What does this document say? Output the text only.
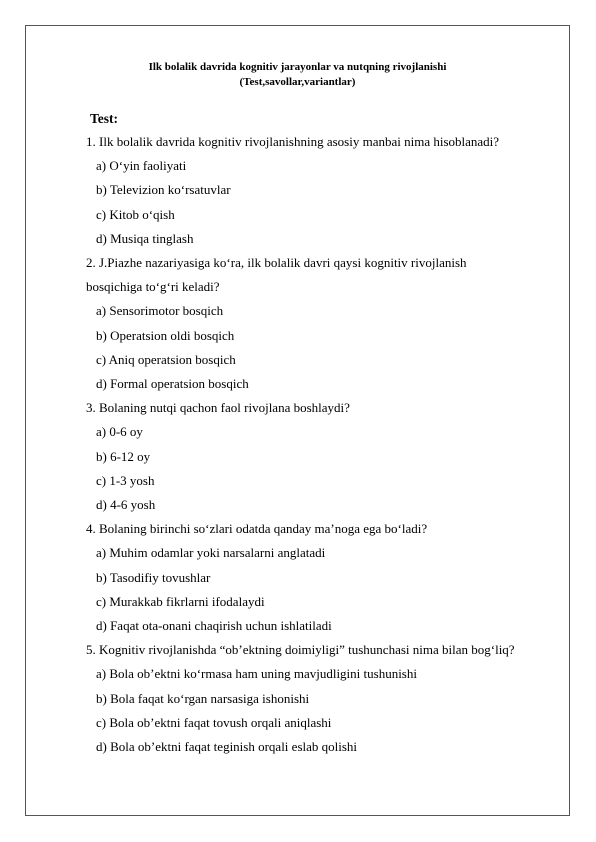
Ilk bolalik davrida kognitiv jarayonlar va nutqning rivojlanishi
(Test,savollar,variantlar)
Test:
1. Ilk bolalik davrida kognitiv rivojlanishning asosiy manbai nima hisoblanadi?
a) O‘yin faoliyati
b) Televizion ko‘rsatuvlar
c) Kitob o‘qish
d) Musiqa tinglash
2. J.Piazhe nazariyasiga ko‘ra, ilk bolalik davri qaysi kognitiv rivojlanish
bosqichiga to‘g‘ri keladi?
a) Sensorimotor bosqich
b) Operatsion oldi bosqich
c) Aniq operatsion bosqich
d) Formal operatsion bosqich
3. Bolaning nutqi qachon faol rivojlana boshlaydi?
a) 0-6 oy
b) 6-12 oy
c) 1-3 yosh
d) 4-6 yosh
4. Bolaning birinchi so‘zlari odatda qanday ma’noga ega bo‘ladi?
a) Muhim odamlar yoki narsalarni anglatadi
b) Tasodifiy tovushlar
c) Murakkab fikrlarni ifodalaydi
d) Faqat ota-onani chaqirish uchun ishlatiladi
5. Kognitiv rivojlanishda “ob’ektning doimiyligi” tushunchasi nima bilan bog‘liq?
a) Bola ob’ektni ko‘rmasa ham uning mavjudligini tushunishi
b) Bola faqat ko‘rgan narsasiga ishonishi
c) Bola ob’ektni faqat tovush orqali aniqlashi
d) Bola ob’ektni faqat teginish orqali eslab qolishi
